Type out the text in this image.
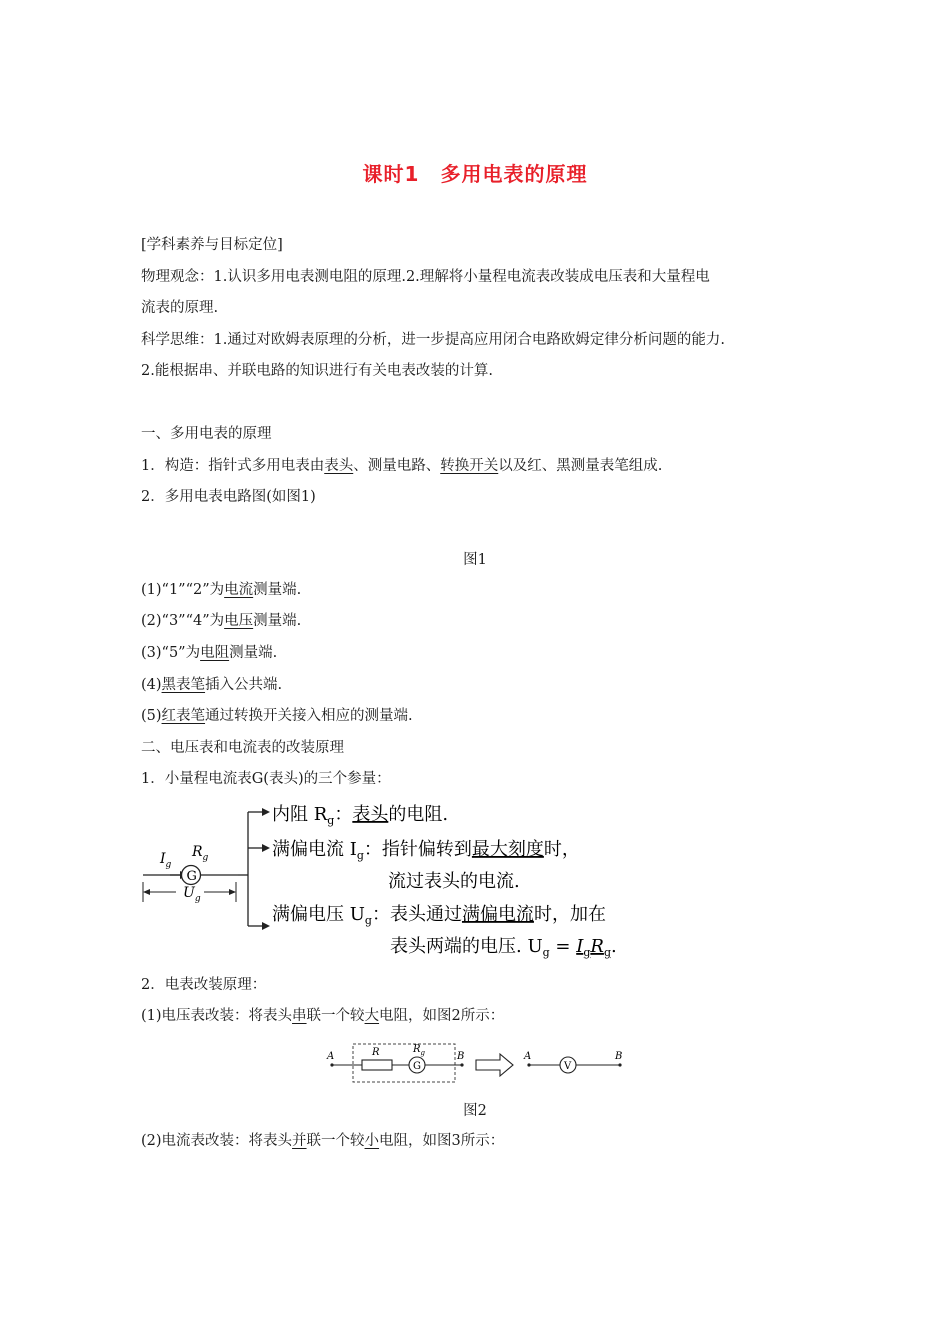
课时1　多用电表的原理
[学科素养与目标定位]
物理观念：1.认识多用电表测电阻的原理.2.理解将小量程电流表改装成电压表和大量程电
流表的原理.
科学思维：1.通过对欧姆表原理的分析，进一步提高应用闭合电路欧姆定律分析问题的能力.
2.能根据串、并联电路的知识进行有关电表改装的计算.
一、多用电表的原理
1．构造：指针式多用电表由表头、测量电路、转换开关以及红、黑测量表笔组成.
2．多用电表电路图(如图1)
图1
(1)“1”“2”为电流测量端.
(2)“3”“4”为电压测量端.
(3)“5”为电阻测量端.
(4)黑表笔插入公共端.
(5)红表笔通过转换开关接入相应的测量端.
二、电压表和电流表的改装原理
1．小量程电流表G(表头)的三个参量：
$I_g$
G
$R_g$
$U_g$
内阻 $R_g$：表头的电阻.
满偏电流 $I_g$：指针偏转到最大刻度时，
流过表头的电流.
满偏电压 $U_g$：表头通过满偏电流时，加在
表头两端的电压. $U_g = I_gR_g$.
2．电表改装原理：
(1)电压表改装：将表头串联一个较大电阻，如图2所示：
A	R
G
$R_g$	B	A
V
B
图2
(2)电流表改装：将表头并联一个较小电阻，如图3所示：
